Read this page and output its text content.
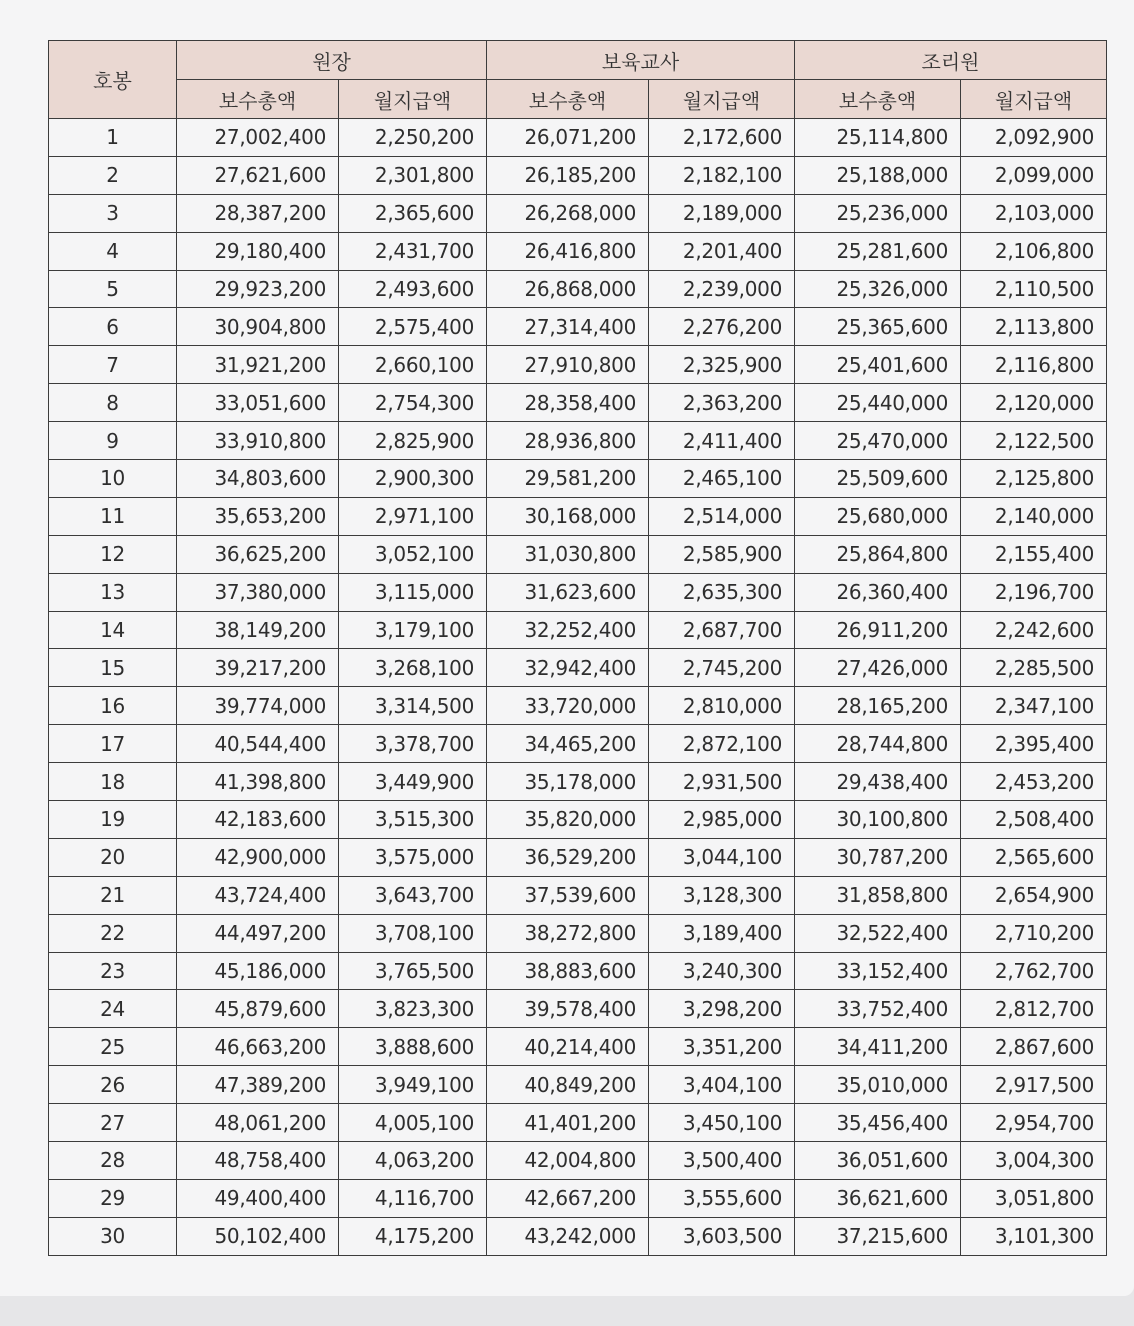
호봉	원장		보육교사		조리원	
	보수총액	월지급액	보수총액	월지급액	보수총액	월지급액
1	27,002,400	2,250,200	26,071,200	2,172,600	25,114,800	2,092,900
2	27,621,600	2,301,800	26,185,200	2,182,100	25,188,000	2,099,000
3	28,387,200	2,365,600	26,268,000	2,189,000	25,236,000	2,103,000
4	29,180,400	2,431,700	26,416,800	2,201,400	25,281,600	2,106,800
5	29,923,200	2,493,600	26,868,000	2,239,000	25,326,000	2,110,500
6	30,904,800	2,575,400	27,314,400	2,276,200	25,365,600	2,113,800
7	31,921,200	2,660,100	27,910,800	2,325,900	25,401,600	2,116,800
8	33,051,600	2,754,300	28,358,400	2,363,200	25,440,000	2,120,000
9	33,910,800	2,825,900	28,936,800	2,411,400	25,470,000	2,122,500
10	34,803,600	2,900,300	29,581,200	2,465,100	25,509,600	2,125,800
11	35,653,200	2,971,100	30,168,000	2,514,000	25,680,000	2,140,000
12	36,625,200	3,052,100	31,030,800	2,585,900	25,864,800	2,155,400
13	37,380,000	3,115,000	31,623,600	2,635,300	26,360,400	2,196,700
14	38,149,200	3,179,100	32,252,400	2,687,700	26,911,200	2,242,600
15	39,217,200	3,268,100	32,942,400	2,745,200	27,426,000	2,285,500
16	39,774,000	3,314,500	33,720,000	2,810,000	28,165,200	2,347,100
17	40,544,400	3,378,700	34,465,200	2,872,100	28,744,800	2,395,400
18	41,398,800	3,449,900	35,178,000	2,931,500	29,438,400	2,453,200
19	42,183,600	3,515,300	35,820,000	2,985,000	30,100,800	2,508,400
20	42,900,000	3,575,000	36,529,200	3,044,100	30,787,200	2,565,600
21	43,724,400	3,643,700	37,539,600	3,128,300	31,858,800	2,654,900
22	44,497,200	3,708,100	38,272,800	3,189,400	32,522,400	2,710,200
23	45,186,000	3,765,500	38,883,600	3,240,300	33,152,400	2,762,700
24	45,879,600	3,823,300	39,578,400	3,298,200	33,752,400	2,812,700
25	46,663,200	3,888,600	40,214,400	3,351,200	34,411,200	2,867,600
26	47,389,200	3,949,100	40,849,200	3,404,100	35,010,000	2,917,500
27	48,061,200	4,005,100	41,401,200	3,450,100	35,456,400	2,954,700
28	48,758,400	4,063,200	42,004,800	3,500,400	36,051,600	3,004,300
29	49,400,400	4,116,700	42,667,200	3,555,600	36,621,600	3,051,800
30	50,102,400	4,175,200	43,242,000	3,603,500	37,215,600	3,101,300
